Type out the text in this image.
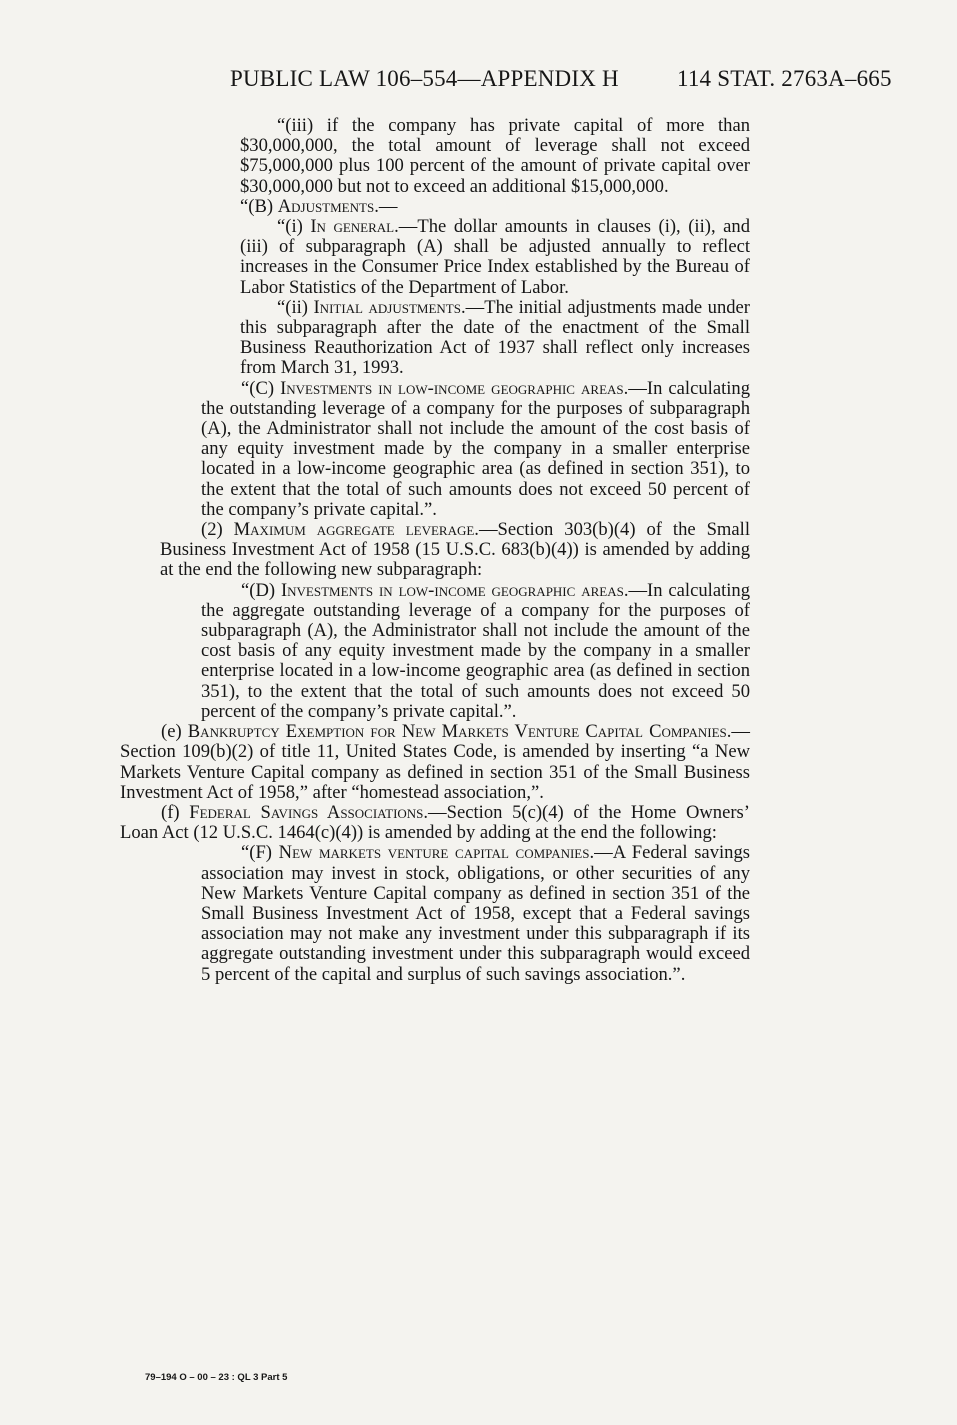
PUBLIC LAW 106–554—APPENDIX H	114 STAT. 2763A–665

“(iii) if the company has private capital of more than $30,000,000, the total amount of leverage shall not exceed $75,000,000 plus 100 percent of the amount of private capital over $30,000,000 but not to exceed an additional $15,000,000.

“(B) Adjustments.—

“(i) In general.—The dollar amounts in clauses (i), (ii), and (iii) of subparagraph (A) shall be adjusted annually to reflect increases in the Consumer Price Index established by the Bureau of Labor Statistics of the Department of Labor.

“(ii) Initial adjustments.—The initial adjustments made under this subparagraph after the date of the enactment of the Small Business Reauthorization Act of 1937 shall reflect only increases from March 31, 1993.

“(C) Investments in low-income geographic areas.—In calculating the outstanding leverage of a company for the purposes of subparagraph (A), the Administrator shall not include the amount of the cost basis of any equity investment made by the company in a smaller enterprise located in a low-income geographic area (as defined in section 351), to the extent that the total of such amounts does not exceed 50 percent of the company’s private capital.”.

(2) Maximum aggregate leverage.—Section 303(b)(4) of the Small Business Investment Act of 1958 (15 U.S.C. 683(b)(4)) is amended by adding at the end the following new subparagraph:

“(D) Investments in low-income geographic areas.—In calculating the aggregate outstanding leverage of a company for the purposes of subparagraph (A), the Administrator shall not include the amount of the cost basis of any equity investment made by the company in a smaller enterprise located in a low-income geographic area (as defined in section 351), to the extent that the total of such amounts does not exceed 50 percent of the company’s private capital.”.

(e) Bankruptcy Exemption for New Markets Venture Capital Companies.—Section 109(b)(2) of title 11, United States Code, is amended by inserting “a New Markets Venture Capital company as defined in section 351 of the Small Business Investment Act of 1958,” after “homestead association,”.

(f) Federal Savings Associations.—Section 5(c)(4) of the Home Owners’ Loan Act (12 U.S.C. 1464(c)(4)) is amended by adding at the end the following:

“(F) New markets venture capital companies.—A Federal savings association may invest in stock, obligations, or other securities of any New Markets Venture Capital company as defined in section 351 of the Small Business Investment Act of 1958, except that a Federal savings association may not make any investment under this subparagraph if its aggregate outstanding investment under this subparagraph would exceed 5 percent of the capital and surplus of such savings association.”.

79–194 O – 00 – 23 : QL 3 Part 5
